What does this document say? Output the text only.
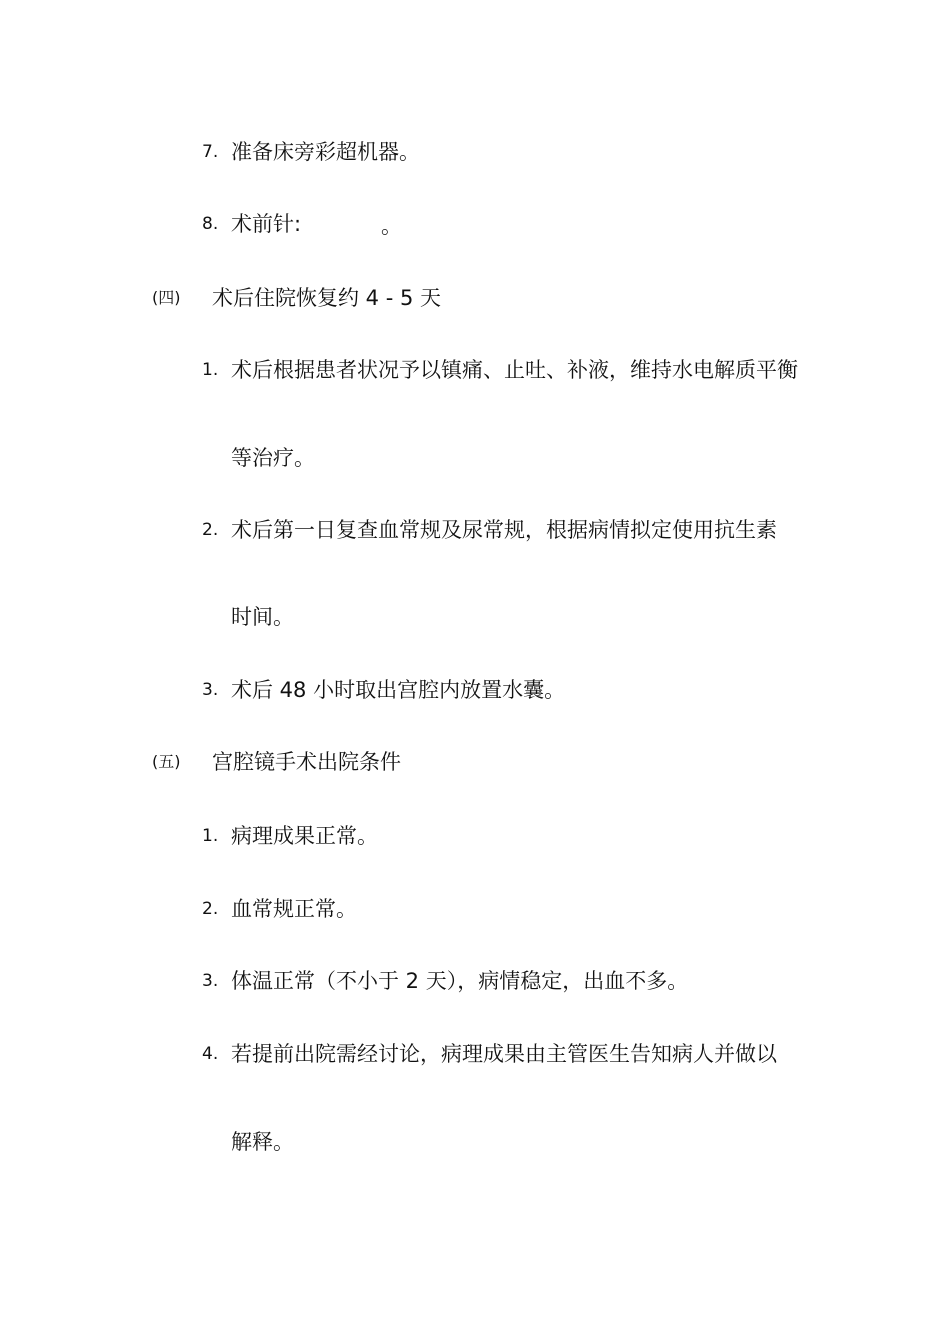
7. 准备床旁彩超机器。
8. 术前针:	。
(四) 术后住院恢复约 4 - 5 天
1. 术后根据患者状况予以镇痛、止吐、补液，维持水电解质平衡
等治疗。
2. 术后第一日复查血常规及尿常规，根据病情拟定使用抗生素
时间。
3. 术后 48 小时取出宫腔内放置水囊。
(五) 宫腔镜手术出院条件
1. 病理成果正常。
2. 血常规正常。
3. 体温正常（不小于 2 天），病情稳定，出血不多。
4. 若提前出院需经讨论，病理成果由主管医生告知病人并做以
解释。
